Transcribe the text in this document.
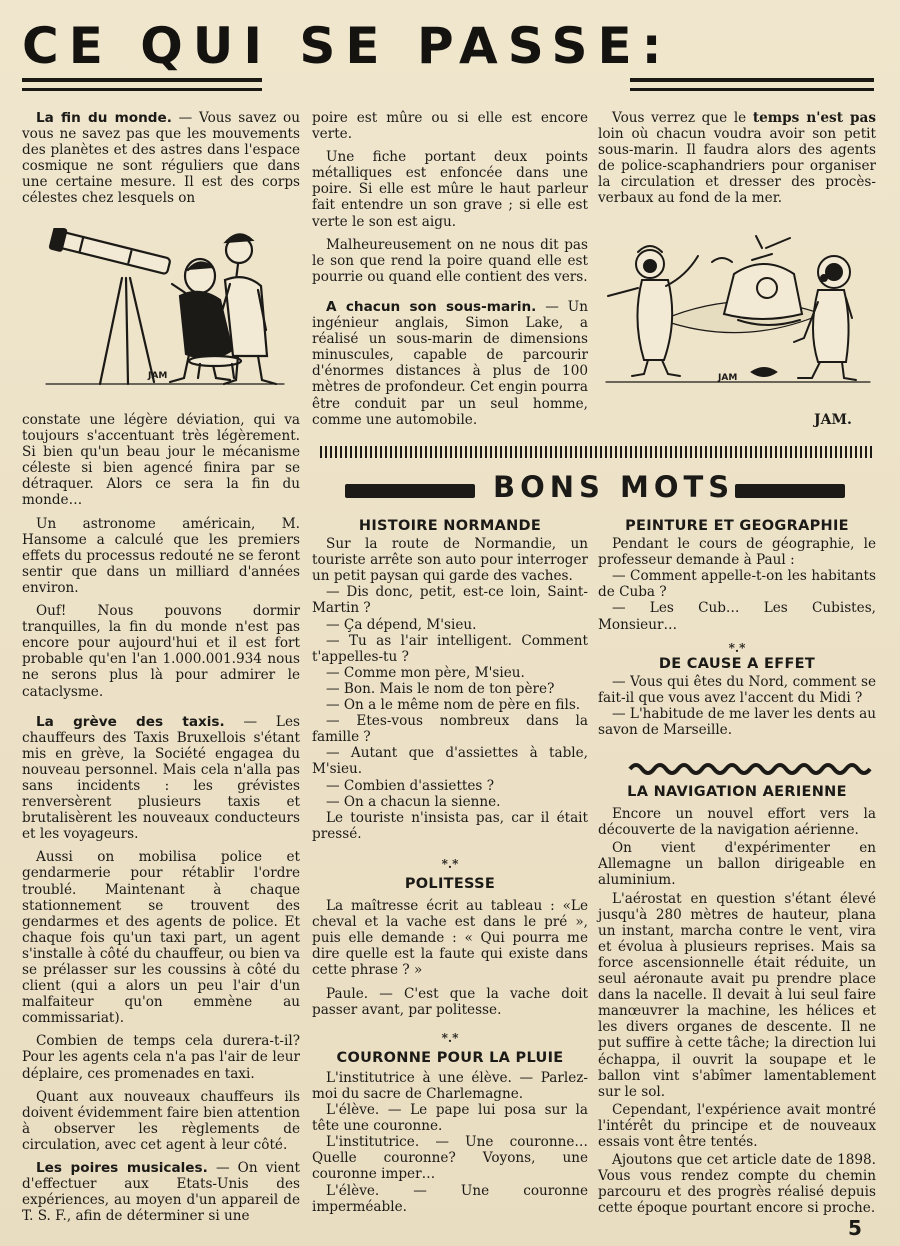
CE QUI SE PASSE:

La fin du monde. — Vous savez ou vous ne savez pas que les mouvements des planètes et des astres dans l'espace cosmique ne sont réguliers que dans une certaine mesure. Il est des corps célestes chez lesquels on

JAM

constate une légère déviation, qui va toujours s'accentuant très légèrement. Si bien qu'un beau jour le mécanisme céleste si bien agencé finira par se détraquer. Alors ce sera la fin du monde…

Un astronome américain, M. Hansome a calculé que les premiers effets du processus redouté ne se feront sentir que dans un milliard d'années environ.

Ouf! Nous pouvons dormir tranquilles, la fin du monde n'est pas encore pour aujourd'hui et il est fort probable qu'en l'an 1.000.001.934 nous ne serons plus là pour admirer le cataclysme.

La grève des taxis. — Les chauffeurs des Taxis Bruxellois s'étant mis en grève, la Société engagea du nouveau personnel. Mais cela n'alla pas sans incidents : les grévistes renversèrent plusieurs taxis et brutalisèrent les nouveaux conducteurs et les voyageurs.

Aussi on mobilisa police et gendarmerie pour rétablir l'ordre troublé. Maintenant à chaque stationnement se trouvent des gendarmes et des agents de police. Et chaque fois qu'un taxi part, un agent s'installe à côté du chauffeur, ou bien va se prélasser sur les coussins à côté du client (qui a alors un peu l'air d'un malfaiteur qu'on emmène au commissariat).

Combien de temps cela durera-t-il? Pour les agents cela n'a pas l'air de leur déplaire, ces promenades en taxi.

Quant aux nouveaux chauffeurs ils doivent évidemment faire bien attention à observer les règlements de circulation, avec cet agent à leur côté.

Les poires musicales. — On vient d'effectuer aux Etats-Unis des expériences, au moyen d'un appareil de T. S. F., afin de déterminer si une

poire est mûre ou si elle est encore verte.

Une fiche portant deux points métalliques est enfoncée dans une poire. Si elle est mûre le haut parleur fait entendre un son grave ; si elle est verte le son est aigu.

Malheureusement on ne nous dit pas le son que rend la poire quand elle est pourrie ou quand elle contient des vers.

A chacun son sous-marin. — Un ingénieur anglais, Simon Lake, a réalisé un sous-marin de dimensions minuscules, capable de parcourir d'énormes distances à plus de 100 mètres de profondeur. Cet engin pourra être conduit par un seul homme, comme une automobile.

Vous verrez que le temps n'est pas loin où chacun voudra avoir son petit sous-marin. Il faudra alors des agents de police-scaphandriers pour organiser la circulation et dresser des procès-verbaux au fond de la mer.

JAM
JAM.
BONS MOTS
HISTOIRE NORMANDE

Sur la route de Normandie, un touriste arrête son auto pour interroger un petit paysan qui garde des vaches.

— Dis donc, petit, est-ce loin, Saint-Martin ?

— Ça dépend, M'sieu.

— Tu as l'air intelligent. Comment t'appelles-tu ?

— Comme mon père, M'sieu.

— Bon. Mais le nom de ton père?

— On a le même nom de père en fils.

— Etes-vous nombreux dans la famille ?

— Autant que d'assiettes à table, M'sieu.

— Combien d'assiettes ?

— On a chacun la sienne.

Le touriste n'insista pas, car il était pressé.

*.*
POLITESSE

La maîtresse écrit au tableau : «Le cheval et la vache est dans le pré », puis elle demande : « Qui pourra me dire quelle est la faute qui existe dans cette phrase ? »

Paule. — C'est que la vache doit passer avant, par politesse.

*.*
COURONNE POUR LA PLUIE

L'institutrice à une élève. — Parlez-moi du sacre de Charlemagne.

L'élève. — Le pape lui posa sur la tête une couronne.

L'institutrice. — Une couronne… Quelle couronne? Voyons, une couronne imper…

L'élève. — Une couronne imperméable.

PEINTURE ET GEOGRAPHIE

Pendant le cours de géographie, le professeur demande à Paul :

— Comment appelle-t-on les habitants de Cuba ?

— Les Cub… Les Cubistes, Monsieur…

*.*
DE CAUSE A EFFET

— Vous qui êtes du Nord, comment se fait-il que vous avez l'accent du Midi ?

— L'habitude de me laver les dents au savon de Marseille.

LA NAVIGATION AERIENNE

Encore un nouvel effort vers la découverte de la navigation aérienne.

On vient d'expérimenter en Allemagne un ballon dirigeable en aluminium.

L'aérostat en question s'étant élevé jusqu'à 280 mètres de hauteur, plana un instant, marcha contre le vent, vira et évolua à plusieurs reprises. Mais sa force ascensionnelle était réduite, un seul aéronaute avait pu prendre place dans la nacelle. Il devait à lui seul faire manœuvrer la machine, les hélices et les divers organes de descente. Il ne put suffire à cette tâche; la direction lui échappa, il ouvrit la soupape et le ballon vint s'abîmer lamentablement sur le sol.

Cependant, l'expérience avait montré l'intérêt du principe et de nouveaux essais vont être tentés.

Ajoutons que cet article date de 1898. Vous vous rendez compte du chemin parcouru et des progrès réalisé depuis cette époque pourtant encore si proche.

5
